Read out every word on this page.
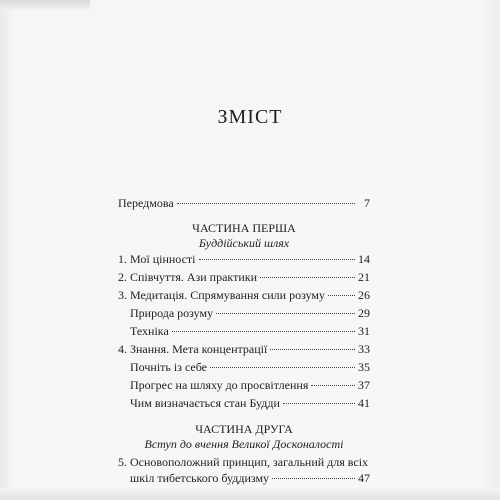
ЗМІСТ
Передмова	7
ЧАСТИНА ПЕРША
Буддійський шлях
1. Мої цінності	14
2. Співчуття. Ази практики	21
3. Медитація. Спрямування сили розуму	26
Природа розуму	29
Техніка	31
4. Знання. Мета концентрації	33
Почніть із себе	35
Прогрес на шляху до просвітлення	37
Чим визначається стан Будди	41
ЧАСТИНА ДРУГА
Вступ до вчення Великої Досконалості
5. Основоположний принцип, загальний для всіх
шкіл тибетського буддизму	47
